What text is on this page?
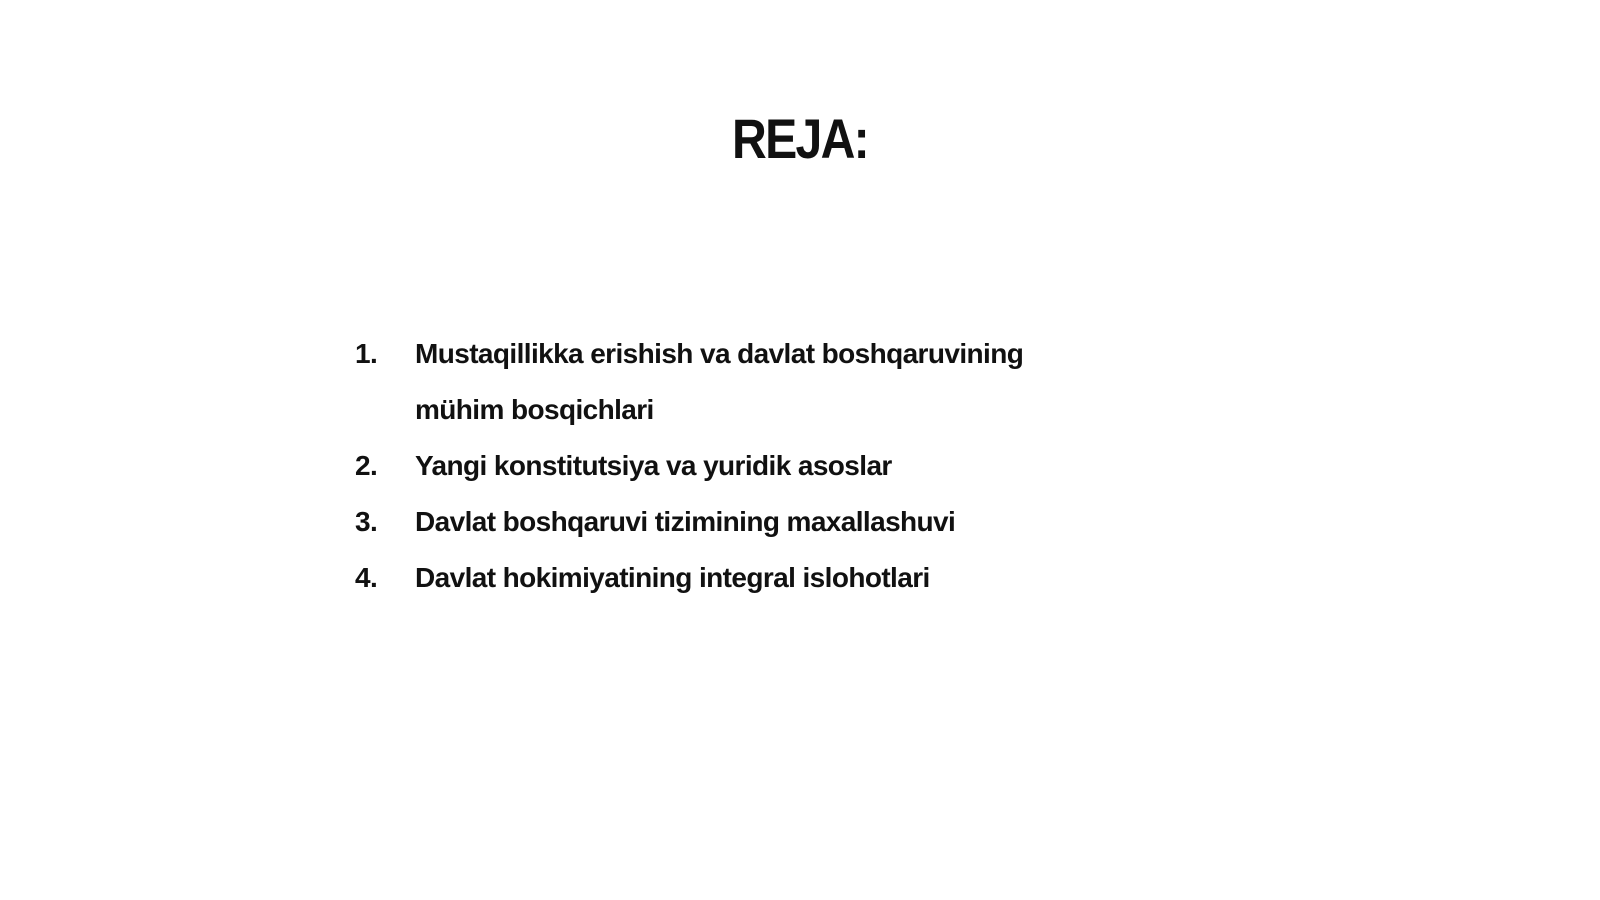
REJA:
1.	Mustaqillikka erishish va davlat boshqaruvining mühim bosqichlari
2.	Yangi konstitutsiya va yuridik asoslar
3.	Davlat boshqaruvi tizimining maxallashuvi
4.	Davlat hokimiyatining integral islohotlari
